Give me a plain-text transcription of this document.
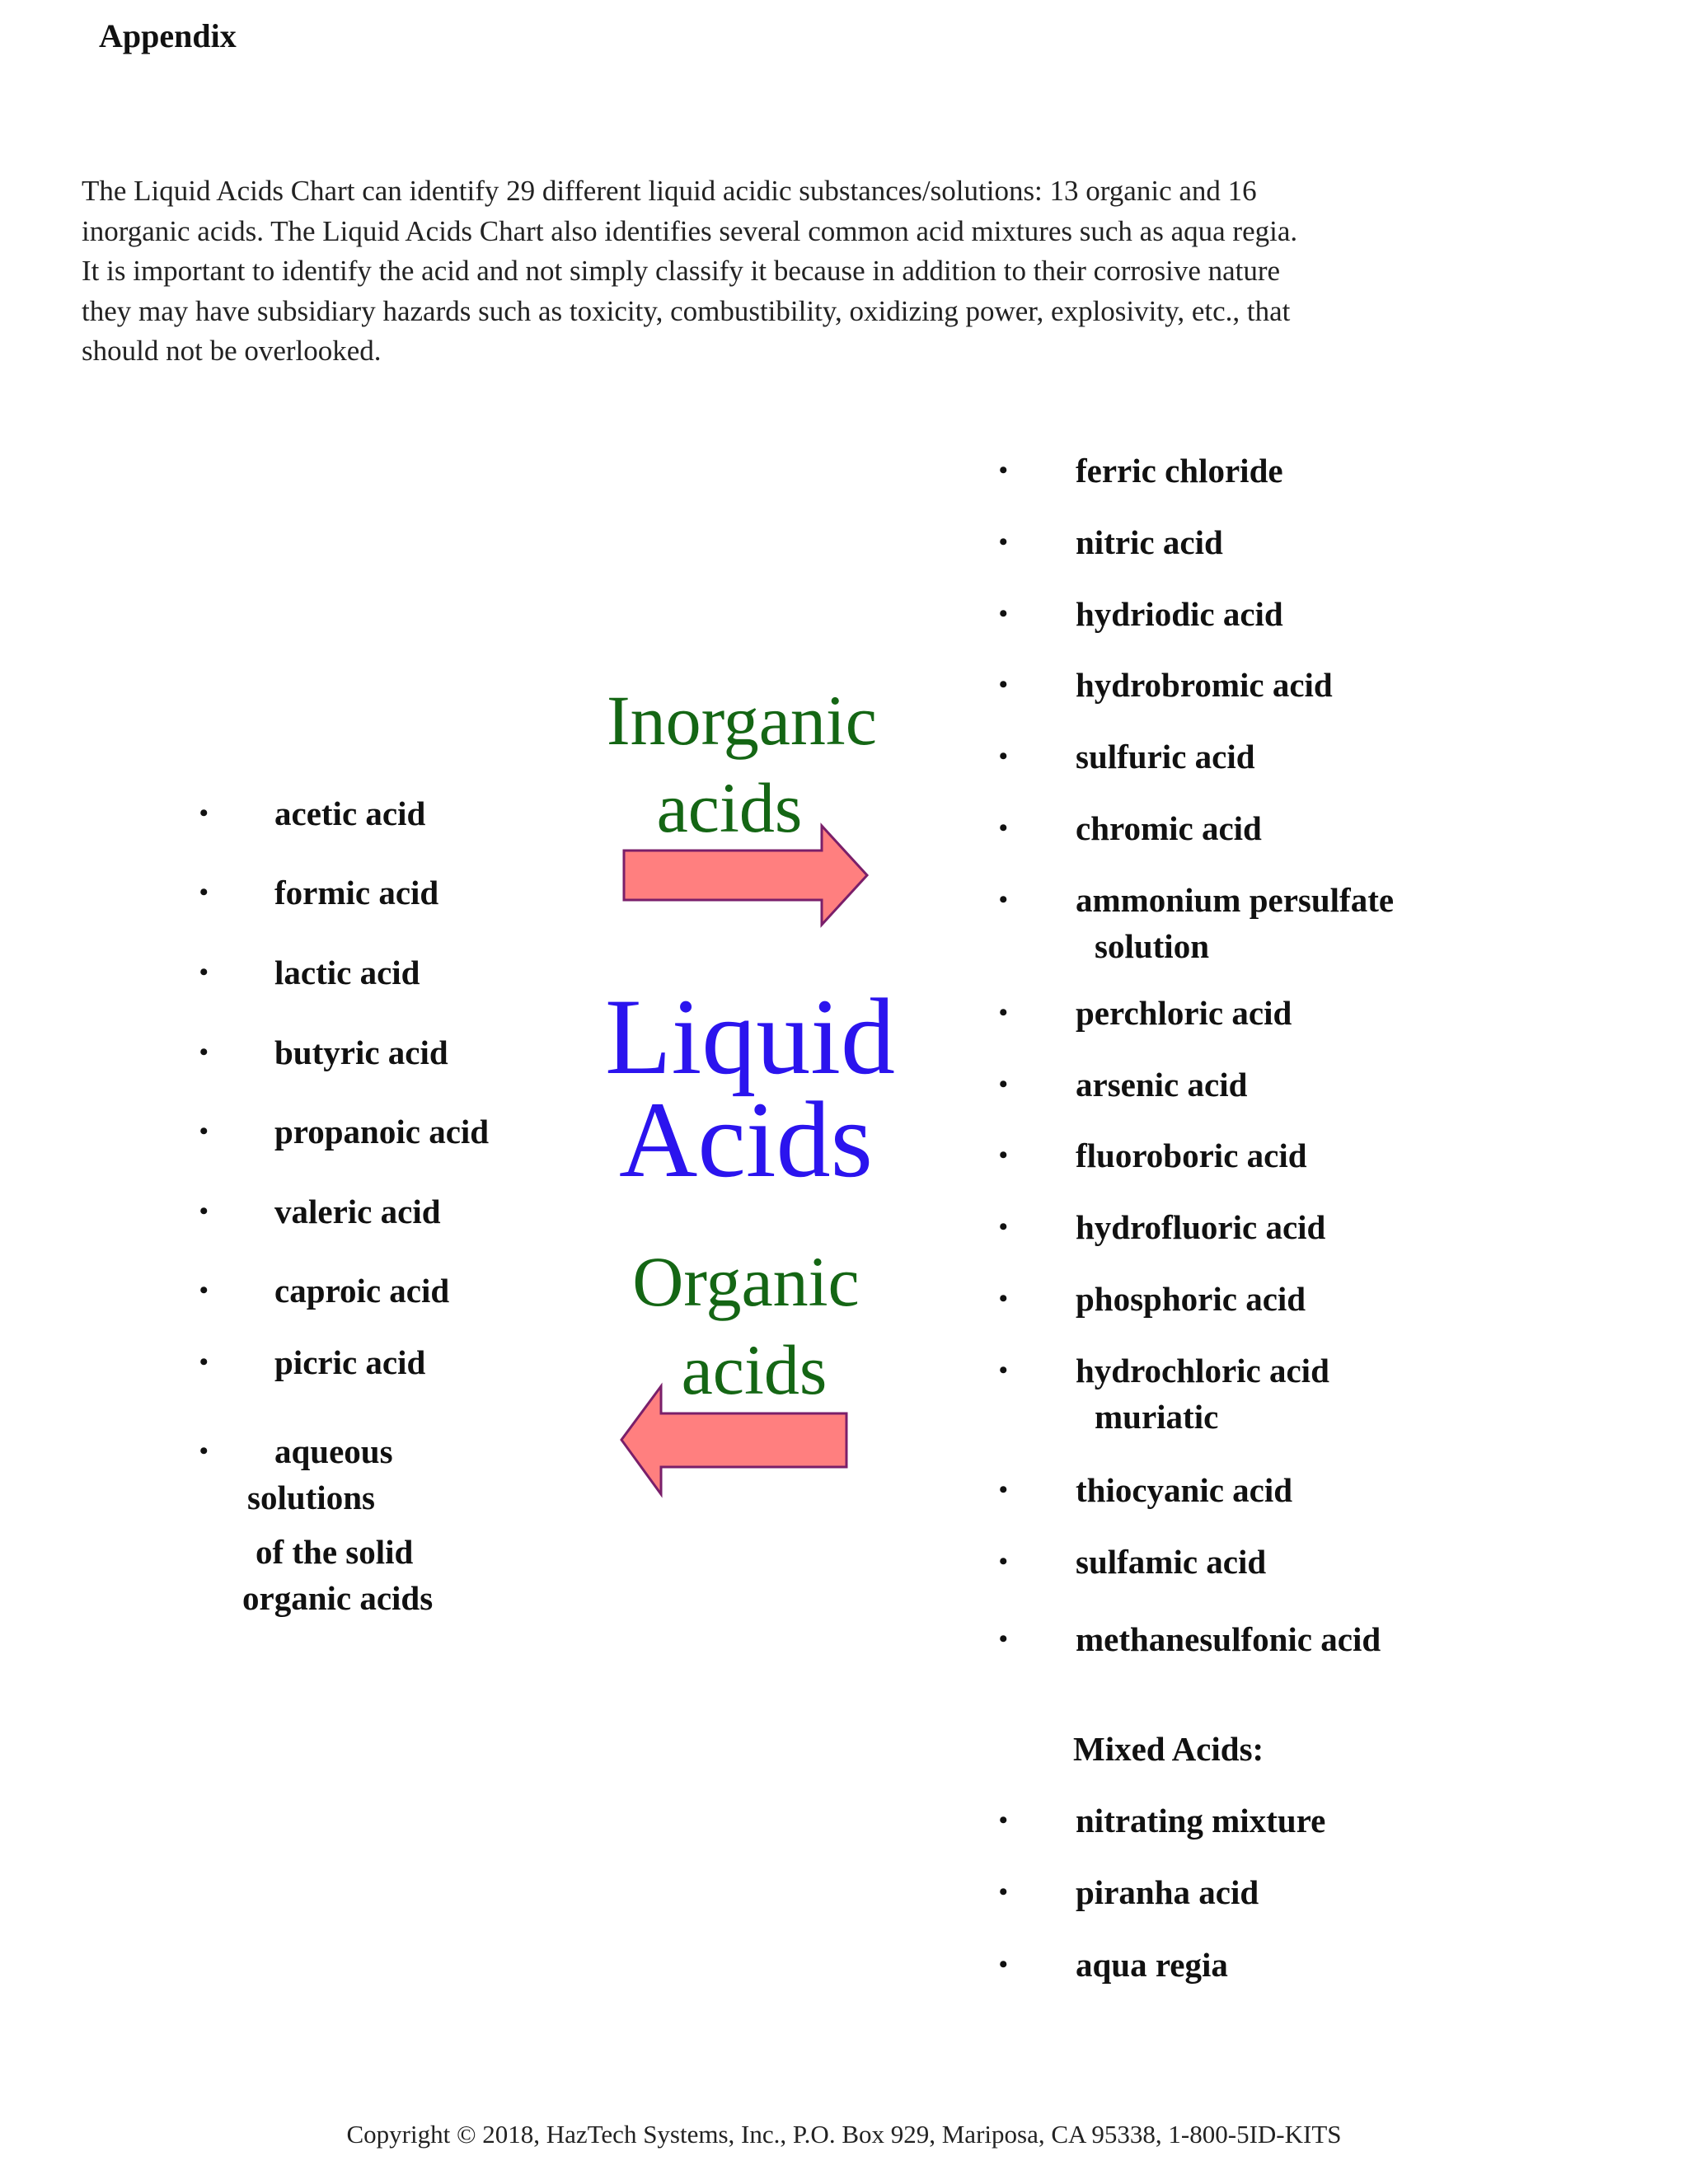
Appendix
The Liquid Acids Chart can identify 29 different liquid acidic substances/solutions: 13 organic and 16
inorganic acids. The Liquid Acids Chart also identifies several common acid mixtures such as aqua regia.
It is important to identify the acid and not simply classify it because in addition to their corrosive nature
they may have subsidiary hazards such as toxicity, combustibility, oxidizing power, explosivity, etc., that
should not be overlooked.
Inorganic
acids
Liquid
Acids
Organic
acids
• acetic acid
• formic acid
• lactic acid
• butyric acid
• propanoic acid
• valeric acid
• caproic acid
• picric acid
• aqueous
solutions
of the solid
organic acids
• ferric chloride
• nitric acid
• hydriodic acid
• hydrobromic acid
• sulfuric acid
• chromic acid
• ammonium persulfate
solution
• perchloric acid
• arsenic acid
• fluoroboric acid
• hydrofluoric acid
• phosphoric acid
• hydrochloric acid
muriatic
• thiocyanic acid
• sulfamic acid
• methanesulfonic acid
Mixed Acids:
• nitrating mixture
• piranha acid
• aqua regia
Copyright © 2018, HazTech Systems, Inc., P.O. Box 929, Mariposa, CA 95338, 1-800-5ID-KITS
